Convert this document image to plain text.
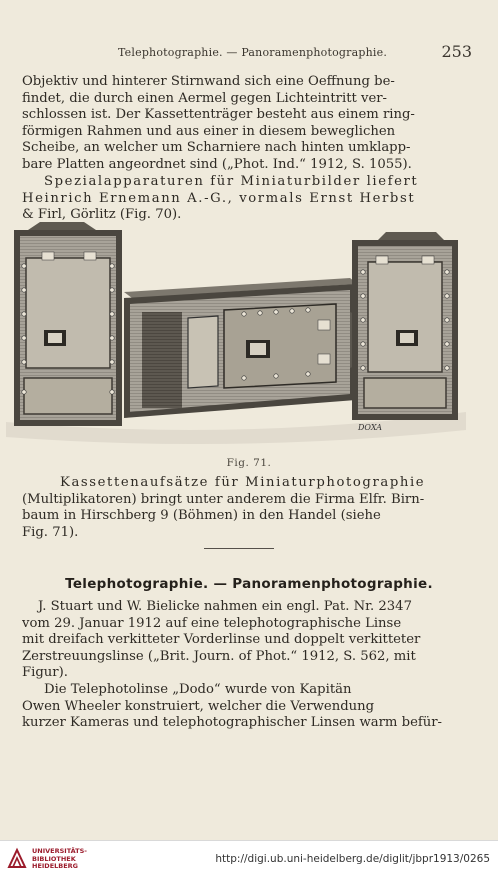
Telephotographie. — Panoramenphotographie.	253
Objektiv und hinterer Stirnwand sich eine Oeffnung be-
findet, die durch einen Aermel gegen Lichteintritt ver-
schlossen ist. Der Kassettenträger besteht aus einem ring-
förmigen Rahmen und aus einer in diesem beweglichen
Scheibe, an welcher um Scharniere nach hinten umklapp-
bare Platten angeordnet sind („Phot. Ind.“ 1912, S. 1055).
Spezialapparaturen für Miniaturbilder liefert
Heinrich Ernemann A.-G., vormals Ernst Herbst
& Firl, Görlitz (Fig. 70).
DOXA
Fig. 71.
Kassettenaufsätze für Miniaturphotographie
(Multiplikatoren) bringt unter anderem die Firma Elfr. Birn-
baum in Hirschberg 9 (Böhmen) in den Handel (siehe
Fig. 71).
Telephotographie. — Panoramenphotographie.
J. Stuart und W. Bielicke nahmen ein engl. Pat. Nr. 2347
vom 29. Januar 1912 auf eine telephotographische Linse
mit dreifach verkitteter Vorderlinse und doppelt verkitteter
Zerstreuungslinse („Brit. Journ. of Phot.“ 1912, S. 562, mit
Figur).
Die Telephotolinse „Dodo“ wurde von Kapitän
Owen Wheeler konstruiert, welcher die Verwendung
kurzer Kameras und telephotographischer Linsen warm befür-
UNIVERSITÄTS-
BIBLIOTHEK
HEIDELBERG
http://digi.ub.uni-heidelberg.de/diglit/jbpr1913/0265
